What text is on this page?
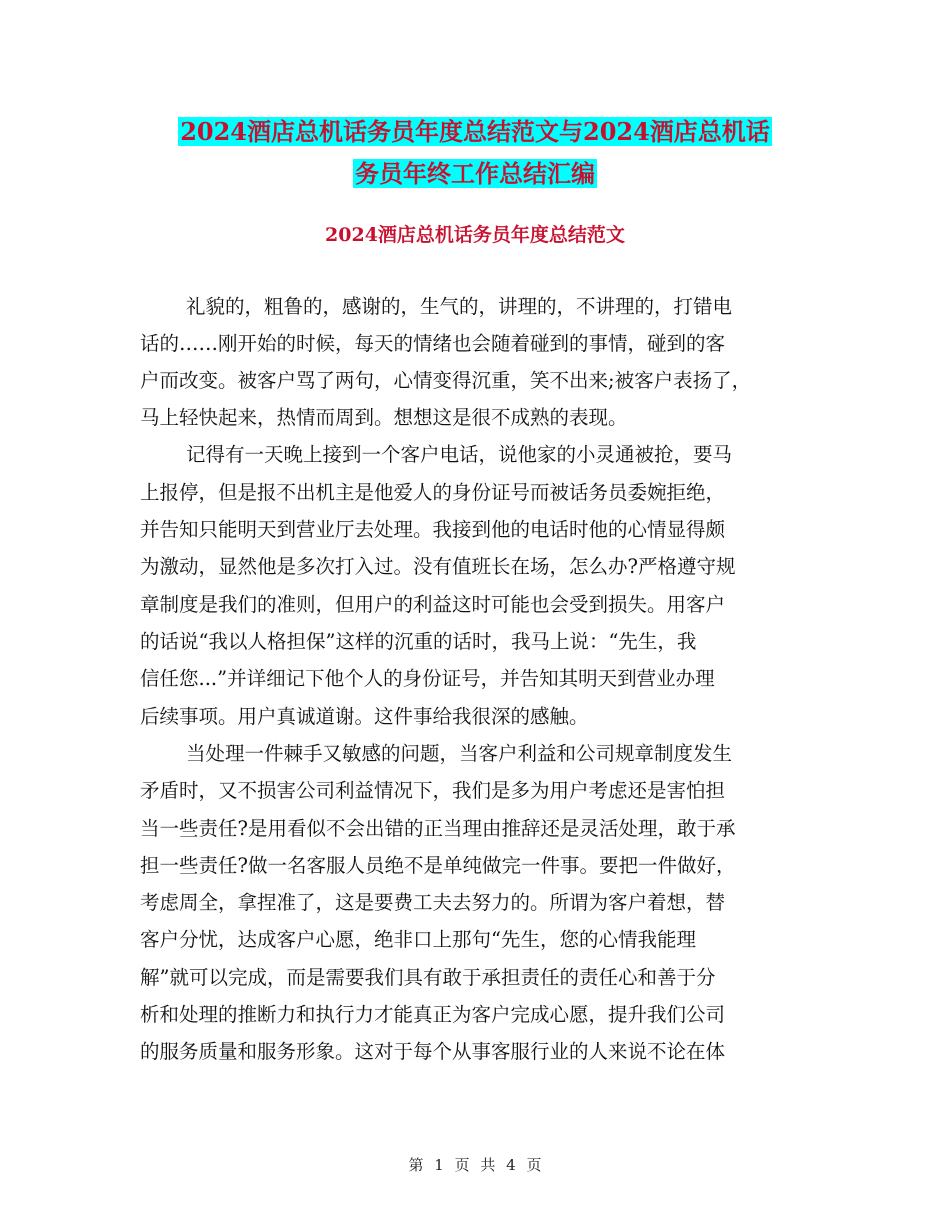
2024酒店总机话务员年度总结范文与2024酒店总机话
务员年终工作总结汇编
2024酒店总机话务员年度总结范文
礼貌的，粗鲁的，感谢的，生气的，讲理的，不讲理的，打错电
话的……刚开始的时候，每天的情绪也会随着碰到的事情，碰到的客
户而改变。被客户骂了两句，心情变得沉重，笑不出来;被客户表扬了，
马上轻快起来，热情而周到。想想这是很不成熟的表现。
记得有一天晚上接到一个客户电话，说他家的小灵通被抢，要马
上报停，但是报不出机主是他爱人的身份证号而被话务员委婉拒绝，
并告知只能明天到营业厅去处理。我接到他的电话时他的心情显得颇
为激动，显然他是多次打入过。没有值班长在场，怎么办?严格遵守规
章制度是我们的准则，但用户的利益这时可能也会受到损失。用客户
的话说“我以人格担保”这样的沉重的话时，我马上说：“先生，我
信任您...”并详细记下他个人的身份证号，并告知其明天到营业办理
后续事项。用户真诚道谢。这件事给我很深的感触。
当处理一件棘手又敏感的问题，当客户利益和公司规章制度发生
矛盾时，又不损害公司利益情况下，我们是多为用户考虑还是害怕担
当一些责任?是用看似不会出错的正当理由推辞还是灵活处理，敢于承
担一些责任?做一名客服人员绝不是单纯做完一件事。要把一件做好，
考虑周全，拿捏准了，这是要费工夫去努力的。所谓为客户着想，替
客户分忧，达成客户心愿，绝非口上那句“先生，您的心情我能理
解”就可以完成，而是需要我们具有敢于承担责任的责任心和善于分
析和处理的推断力和执行力才能真正为客户完成心愿，提升我们公司
的服务质量和服务形象。这对于每个从事客服行业的人来说不论在体
第 1 页 共 4 页
